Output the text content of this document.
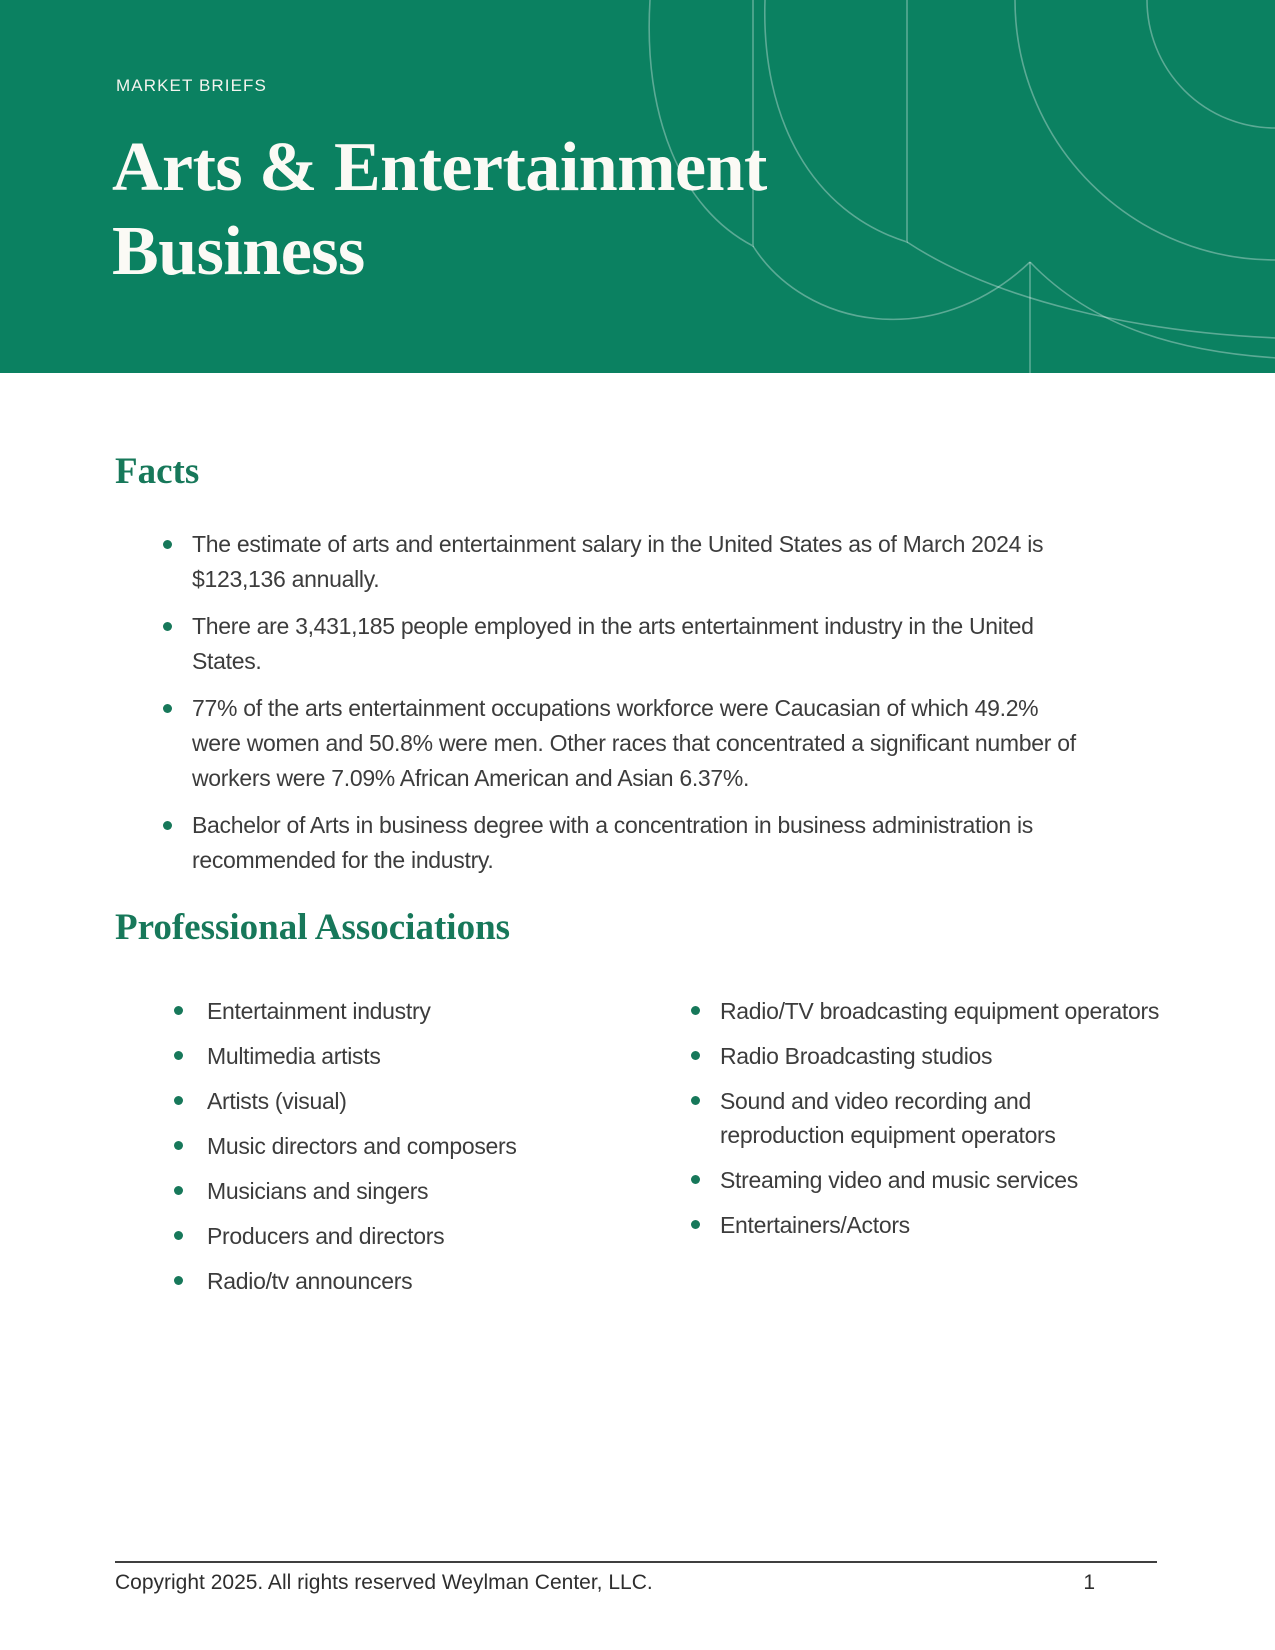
MARKET BRIEFS
Arts & Entertainment
Business
Facts
The estimate of arts and entertainment salary in the United States as of March 2024 is $123,136 annually.
There are 3,431,185 people employed in the arts entertainment industry in the United States.
77% of the arts entertainment occupations workforce were Caucasian of which 49.2% were women and 50.8% were men. Other races that concentrated a significant number of workers were 7.09% African American and Asian 6.37%.
Bachelor of Arts in business degree with a concentration in business administration is recommended for the industry.
Professional Associations
Entertainment industry
Multimedia artists
Artists (visual)
Music directors and composers
Musicians and singers
Producers and directors
Radio/tv announcers
Radio/TV broadcasting equipment operators
Radio Broadcasting studios
Sound and video recording and reproduction equipment operators
Streaming video and music services
Entertainers/Actors
Copyright 2025. All rights reserved Weylman Center, LLC.	1
